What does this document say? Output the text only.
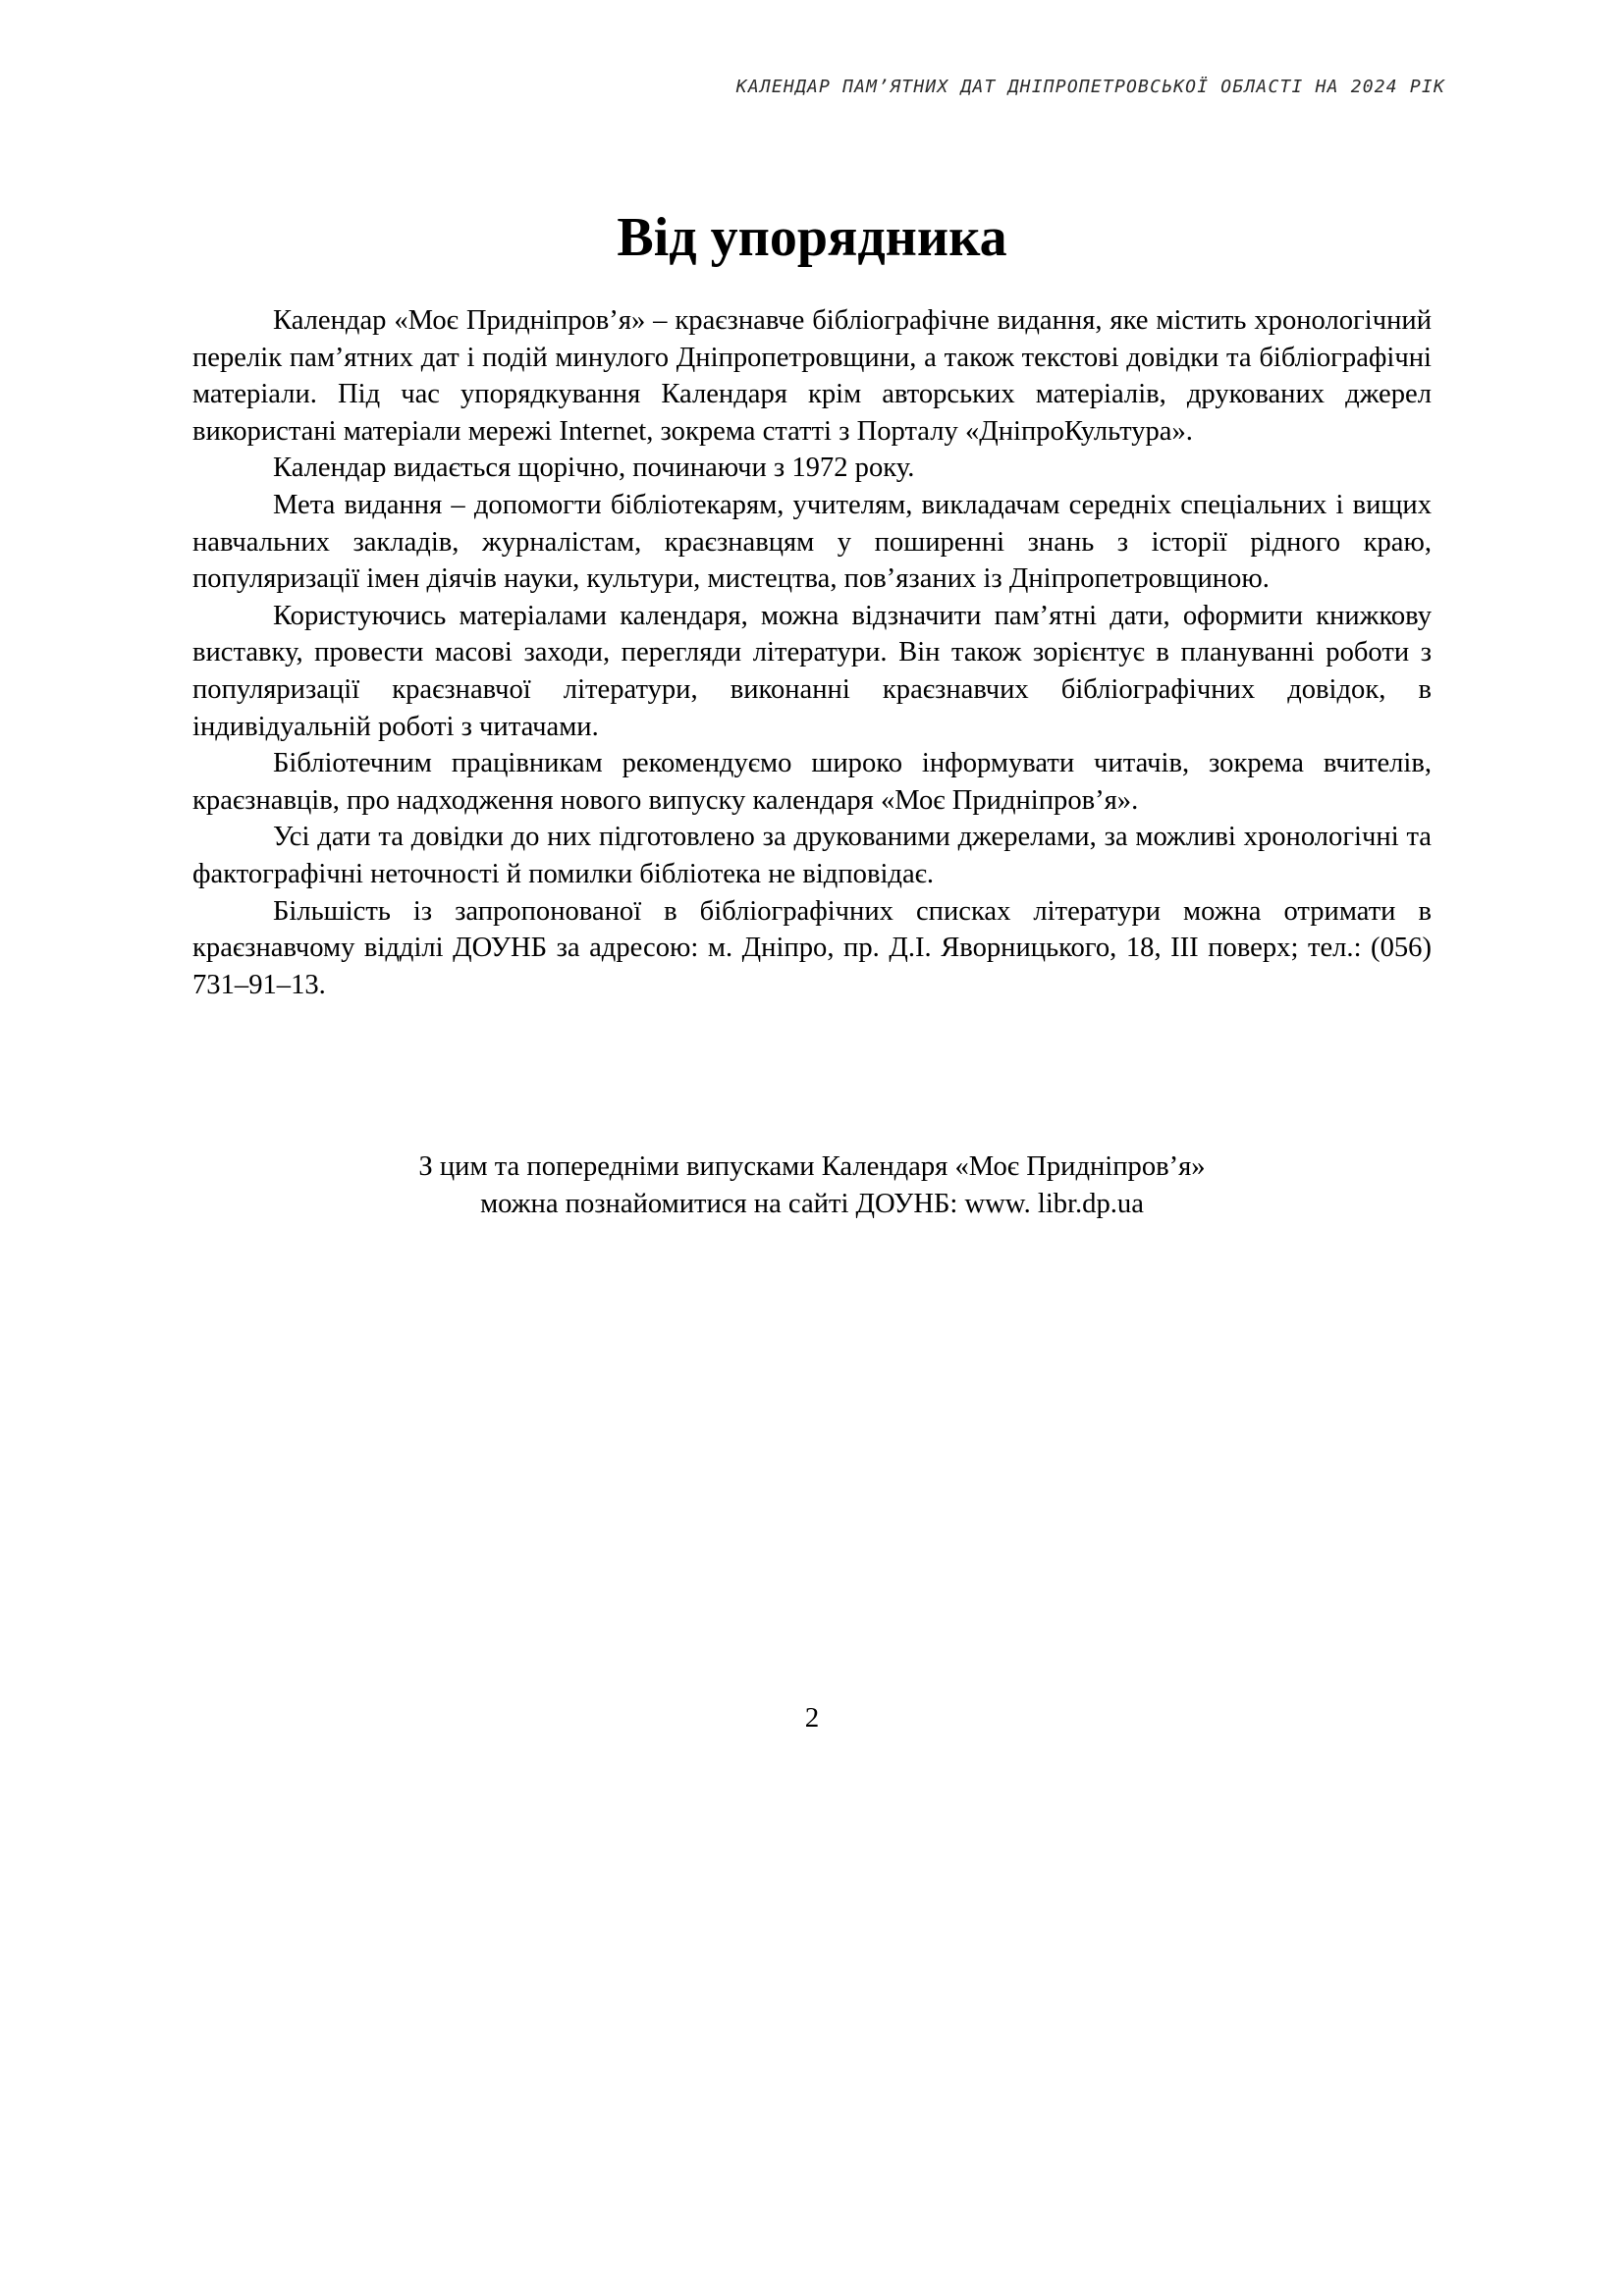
КАЛЕНДАР ПАМ’ЯТНИХ ДАТ ДНІПРОПЕТРОВСЬКОЇ ОБЛАСТІ НА 2024 РІК
Від упорядника

Календар «Моє Придніпров’я» – краєзнавче бібліографічне видання, яке містить хронологічний перелік пам’ятних дат і подій минулого Дніпропетровщини, а також текстові довідки та бібліографічні матеріали. Під час упорядкування Календаря крім авторських матеріалів, друкованих джерел використані матеріали мережі Internet, зокрема статті з Порталу «ДніпроКультура».

Календар видається щорічно, починаючи з 1972 року.

Мета видання – допомогти бібліотекарям, учителям, викладачам середніх спеціальних і вищих навчальних закладів, журналістам, краєзнавцям у поширенні знань з історії рідного краю, популяризації імен діячів науки, культури, мистецтва, пов’язаних із Дніпропетровщиною.

Користуючись матеріалами календаря, можна відзначити пам’ятні дати, оформити книжкову виставку, провести масові заходи, перегляди літератури. Він також зорієнтує в плануванні роботи з популяризації краєзнавчої літератури, виконанні краєзнавчих бібліографічних довідок, в індивідуальній роботі з читачами.

Бібліотечним працівникам рекомендуємо широко інформувати читачів, зокрема вчителів, краєзнавців, про надходження нового випуску календаря «Моє Придніпров’я».

Усі дати та довідки до них підготовлено за друкованими джерелами, за можливі хронологічні та фактографічні неточності й помилки бібліотека не відповідає.

Більшість із запропонованої в бібліографічних списках літератури можна отримати в краєзнавчому відділі ДОУНБ за адресою: м. Дніпро, пр. Д.І. Яворницького, 18, ІІІ поверх; тел.: (056) 731–91–13.

З цим та попередніми випусками Календаря «Моє Придніпров’я»
можна познайомитися на сайті ДОУНБ: www. libr.dp.ua
2
